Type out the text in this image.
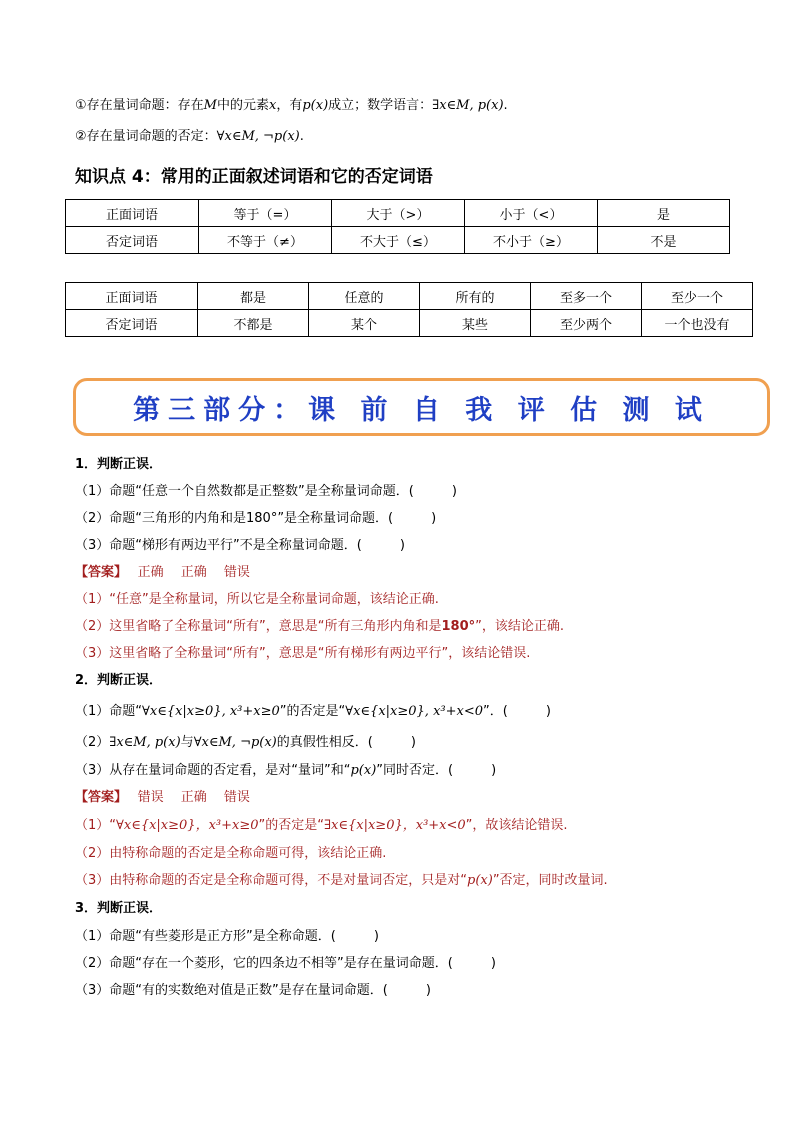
①存在量词命题：存在M中的元素x，有p(x)成立；数学语言：∃x∈M, p(x).
②存在量词命题的否定：∀x∈M, ¬p(x).
知识点 4：常用的正面叙述词语和它的否定词语
正面词语	等于（=）	大于（>）	小于（<）	是
否定词语	不等于（≠）	不大于（≤）	不小于（≥）	不是
正面词语	都是	任意的	所有的	至多一个	至少一个
否定词语	不都是	某个	某些	至少两个	一个也没有
第三部分：课 前 自 我 评 估 测 试
1．判断正误．
（1）命题“任意一个自然数都是正整数”是全称量词命题．(	)
（2）命题“三角形的内角和是180°”是全称量词命题．(	)
（3）命题“梯形有两边平行”不是全称量词命题．(	)
【答案】　 正确　 正确　 错误
（1）“任意”是全称量词，所以它是全称量词命题，该结论正确.
（2）这里省略了全称量词“所有”，意思是“所有三角形内角和是180°”，该结论正确.
（3）这里省略了全称量词“所有”，意思是“所有梯形有两边平行”，该结论错误.
2．判断正误．
（1）命题“∀x∈{x|x≥0}, x³+x≥0”的否定是“∀x∈{x|x≥0}, x³+x<0”．(	)
（2）∃x∈M, p(x)与∀x∈M, ¬p(x)的真假性相反．(	)
（3）从存在量词命题的否定看，是对“量词”和“p(x)”同时否定．(	)
【答案】　 错误　 正确　 错误
（1）“∀x∈{x|x≥0}，x³+x≥0”的否定是“∃x∈{x|x≥0}，x³+x<0”，故该结论错误.
（2）由特称命题的否定是全称命题可得，该结论正确.
（3）由特称命题的否定是全称命题可得，不是对量词否定，只是对“p(x)”否定，同时改量词.
3．判断正误．
（1）命题“有些菱形是正方形”是全称命题．(	)
（2）命题“存在一个菱形，它的四条边不相等”是存在量词命题．(	)
（3）命题“有的实数绝对值是正数”是存在量词命题．(	)
